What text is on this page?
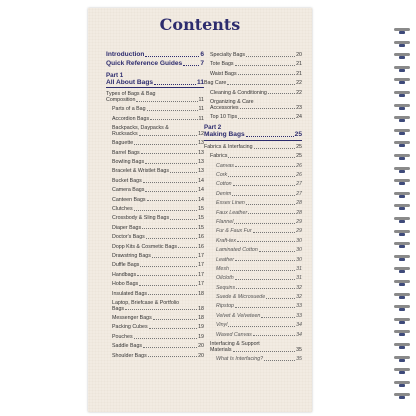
Contents
Introduction	6
Quick Reference Guides	7
Part 1
All About Bags	11
Types of Bags & Bag
Composition	11
Parts of a Bag	11
Accordion Bags	11
Backpacks, Daypacks &
Rucksacks	12
Baguette	13
Barrel Bags	13
Bowling Bags	13
Bracelet & Wristlet Bags	13
Bucket Bags	14
Camera Bags	14
Canteen Bags	14
Clutches	15
Crossbody & Sling Bags	15
Diaper Bags	15
Doctor's Bags	16
Dopp Kits & Cosmetic Bags	16
Drawstring Bags	17
Duffle Bags	17
Handbags	17
Hobo Bags	17
Insulated Bags	18
Laptop, Briefcase & Portfolio
Bags	18
Messenger Bags	18
Packing Cubes	19
Pouches	19
Saddle Bags	20
Shoulder Bags	20
Specialty Bags	20
Tote Bags	21
Waist Bags	21
Bag Care	22
Cleaning & Conditioning	22
Organizing & Care
Accessories	23
Top 10 Tips	24
Part 2
Making Bags	25
Fabrics & Interfacing	25
Fabrics	25
Canvas	26
Cork	26
Cotton	27
Denim	27
Essex Linen	28
Faux Leather	28
Flannel	29
Fur & Faux Fur	29
Kraft-tex	30
Laminated Cotton	30
Leather	30
Mesh	31
Oilcloth	31
Sequins	32
Suede & Microsuede	32
Ripstop	33
Velvet & Velveteen	33
Vinyl	34
Waxed Canvas	34
Interfacing & Support
Materials	35
What Is Interfacing?	35
